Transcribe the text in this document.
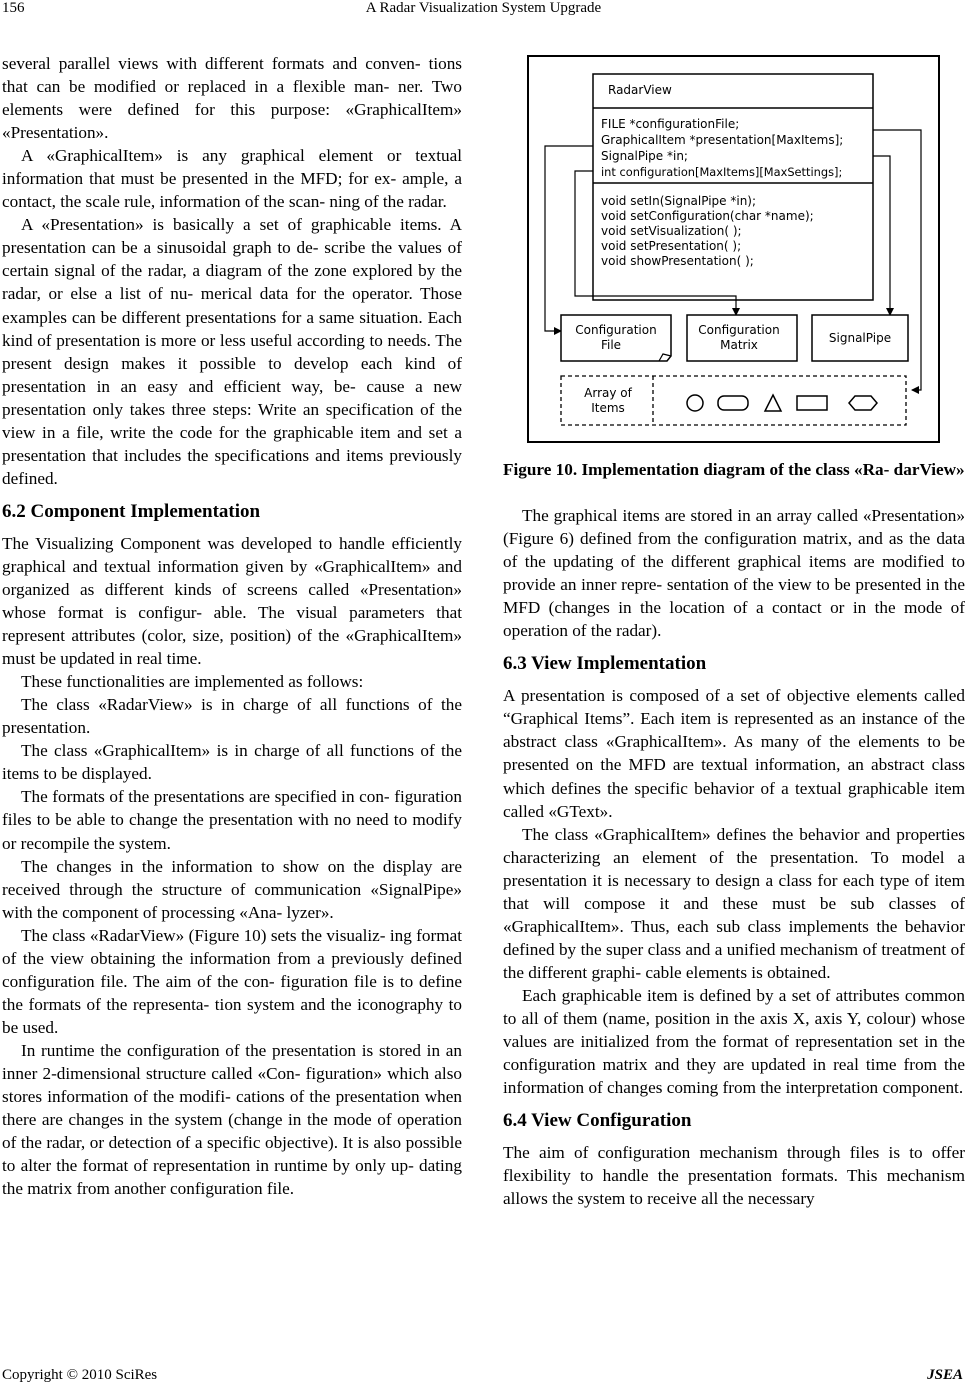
156	A Radar Visualization System Upgrade

several parallel views with different formats and conven- tions that can be modified or replaced in a flexible man- ner. Two elements were defined for this purpose: «GraphicalItem» «Presentation».

A «GraphicalItem» is any graphical element or textual information that must be presented in the MFD; for ex- ample, a contact, the scale rule, information of the scan- ning of the radar.

A «Presentation» is basically a set of graphicable items. A presentation can be a sinusoidal graph to de- scribe the values of certain signal of the radar, a diagram of the zone explored by the radar, or else a list of nu- merical data for the operator. Those examples can be different presentations for a same situation. Each kind of presentation is more or less useful according to needs. The present design makes it possible to develop each kind of presentation in an easy and efficient way, be- cause a new presentation only takes three steps: Write an specification of the view in a file, write the code for the graphicable item and set a presentation that includes the specifications and items previously defined.

6.2 Component Implementation

The Visualizing Component was developed to handle efficiently graphical and textual information given by «GraphicalItem» and organized as different kinds of screens called «Presentation» whose format is configur- able. The visual parameters that represent attributes (color, size, position) of the «GraphicalItem» must be updated in real time.

These functionalities are implemented as follows:

The class «RadarView» is in charge of all functions of the presentation.

The class «GraphicalItem» is in charge of all functions of the items to be displayed.

The formats of the presentations are specified in con- figuration files to be able to change the presentation with no need to modify or recompile the system.

The changes in the information to show on the display are received through the structure of communication «SignalPipe» with the component of processing «Ana- lyzer».

The class «RadarView» (Figure 10) sets the visualiz- ing format of the view obtaining the information from a previously defined configuration file. The aim of the con- figuration file is to define the formats of the representa- tion system and the iconography to be used.

In runtime the configuration of the presentation is stored in an inner 2-dimensional structure called «Con- figuration» which also stores information of the modifi- cations of the presentation when there are changes in the system (change in the mode of operation of the radar, or detection of a specific objective). It is also possible to alter the format of representation in runtime by only up- dating the matrix from another configuration file.

RadarView
FILE *configurationFile;
GraphicalItem *presentation[MaxItems];
SignalPipe *in;
int configuration[MaxItems][MaxSettings];
void setIn(SignalPipe *in);
void setConfiguration(char *name);
void setVisualization( );
void setPresentation( );
void showPresentation( );
Configuration
File
Configuration
Matrix	SignalPipe
Array of
Items
Figure 10. Implementation diagram of the class «Ra- darView»

The graphical items are stored in an array called «Presentation» (Figure 6) defined from the configuration matrix, and as the data of the updating of the different graphical items are modified to provide an inner repre- sentation of the view to be presented in the MFD (changes in the location of a contact or in the mode of operation of the radar).

6.3 View Implementation

A presentation is composed of a set of objective elements called “Graphical Items”. Each item is represented as an instance of the abstract class «GraphicalItem». As many of the elements to be presented on the MFD are textual information, an abstract class which defines the specific behavior of a textual graphicable item called «GText».

The class «GraphicalItem» defines the behavior and properties characterizing an element of the presentation. To model a presentation it is necessary to design a class for each type of item that will compose it and these must be sub classes of «GraphicalItem». Thus, each sub class implements the behavior defined by the super class and a unified mechanism of treatment of the different graphi- cable elements is obtained.

Each graphicable item is defined by a set of attributes common to all of them (name, position in the axis X, axis Y, colour) whose values are initialized from the format of representation set in the configuration matrix and they are updated in real time from the information of changes coming from the interpretation component.

6.4 View Configuration

The aim of configuration mechanism through files is to offer flexibility to handle the presentation formats. This mechanism allows the system to receive all the necessary

Copyright © 2010 SciRes	JSEA
